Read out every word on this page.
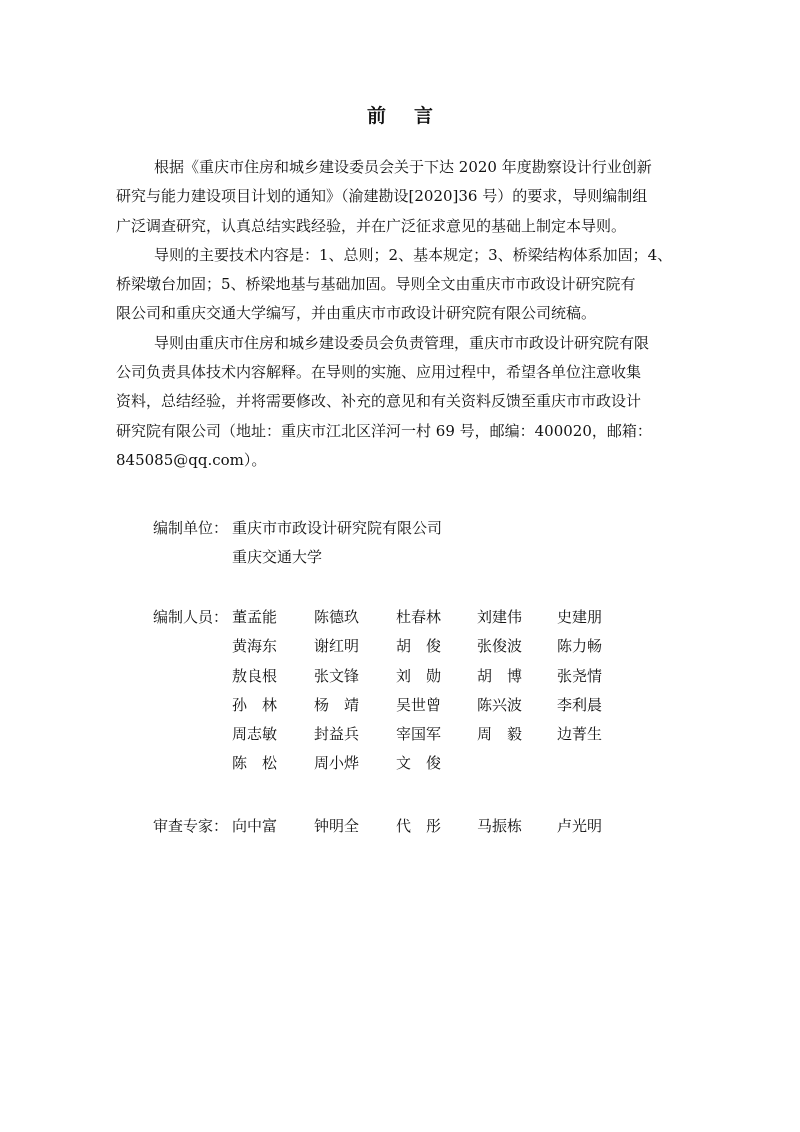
前 言

根据《重庆市住房和城乡建设委员会关于下达 2020 年度勘察设计行业创新
研究与能力建设项目计划的通知》（渝建勘设[2020]36 号）的要求，导则编制组
广泛调查研究，认真总结实践经验，并在广泛征求意见的基础上制定本导则。

导则的主要技术内容是：1、总则；2、基本规定；3、桥梁结构体系加固；4、
桥梁墩台加固；5、桥梁地基与基础加固。导则全文由重庆市市政设计研究院有
限公司和重庆交通大学编写，并由重庆市市政设计研究院有限公司统稿。

导则由重庆市住房和城乡建设委员会负责管理，重庆市市政设计研究院有限
公司负责具体技术内容解释。在导则的实施、应用过程中，希望各单位注意收集
资料，总结经验，并将需要修改、补充的意见和有关资料反馈至重庆市市政设计
研究院有限公司（地址：重庆市江北区洋河一村 69 号，邮编：400020，邮箱：
845085@qq.com）。

编制单位： 重庆市市政设计研究院有限公司
重庆交通大学
编制人员： 董孟能 陈德玖 杜春林 刘建伟 史建朋
黄海东 谢红明 胡　俊 张俊波 陈力畅
敖良根 张文锋 刘　勋 胡　博 张尧情
孙　林 杨　靖 吴世曾 陈兴波 李利晨
周志敏 封益兵 宰国军 周　毅 边菁生
陈　松 周小烨 文　俊
审查专家： 向中富 钟明全 代　彤 马振栋 卢光明
